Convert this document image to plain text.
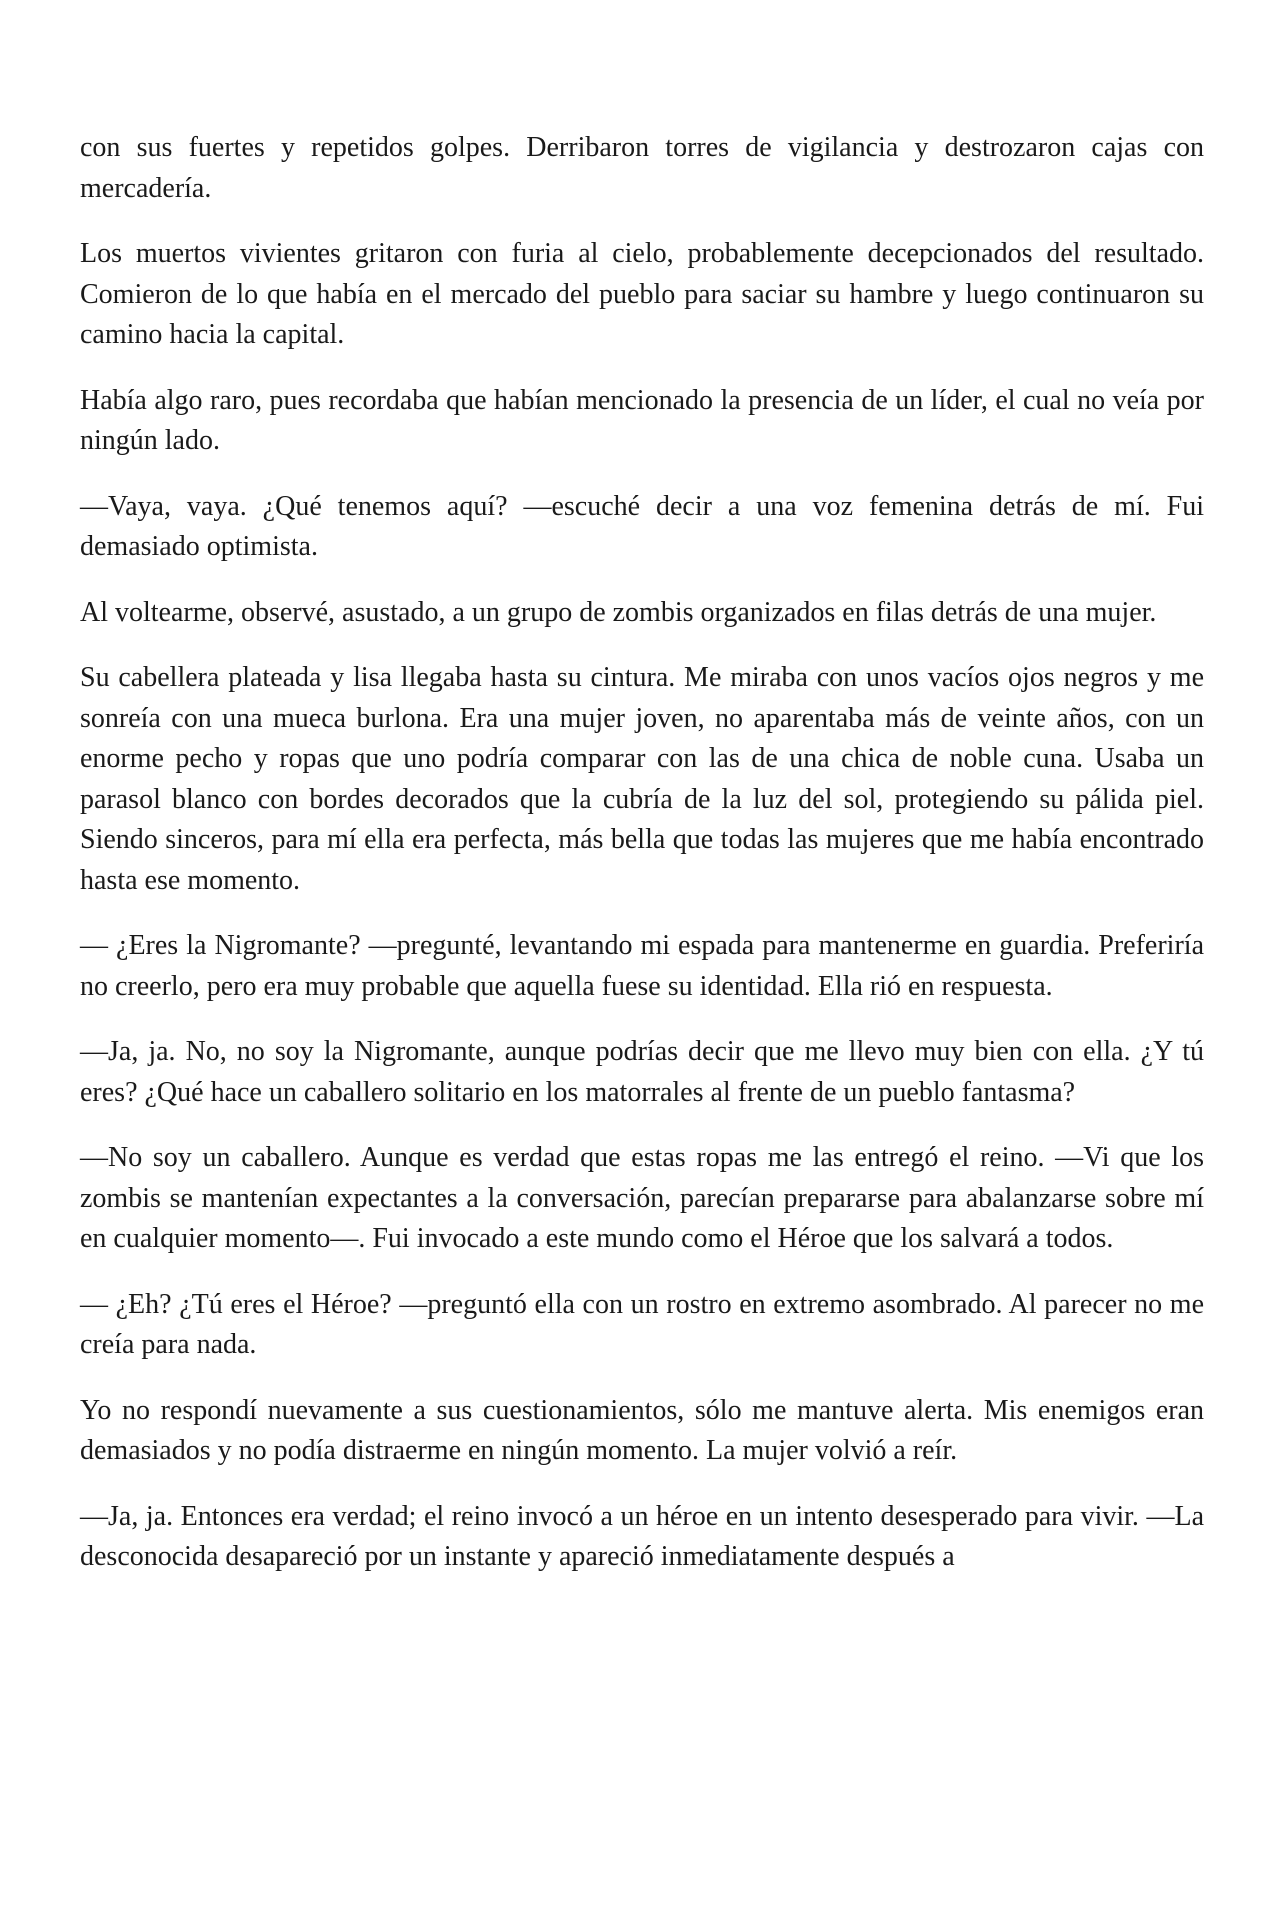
con sus fuertes y repetidos golpes. Derribaron torres de vigilancia y destrozaron cajas con mercadería.

Los muertos vivientes gritaron con furia al cielo, probablemente decepcionados del resultado. Comieron de lo que había en el mercado del pueblo para saciar su hambre y luego continuaron su camino hacia la capital.

Había algo raro, pues recordaba que habían mencionado la presencia de un líder, el cual no veía por ningún lado.

—Vaya, vaya. ¿Qué tenemos aquí? —escuché decir a una voz femenina detrás de mí. Fui demasiado optimista.

Al voltearme, observé, asustado, a un grupo de zombis organizados en filas detrás de una mujer.

Su cabellera plateada y lisa llegaba hasta su cintura. Me miraba con unos vacíos ojos negros y me sonreía con una mueca burlona. Era una mujer joven, no aparentaba más de veinte años, con un enorme pecho y ropas que uno podría comparar con las de una chica de noble cuna. Usaba un parasol blanco con bordes decorados que la cubría de la luz del sol, protegiendo su pálida piel. Siendo sinceros, para mí ella era perfecta, más bella que todas las mujeres que me había encontrado hasta ese momento.

— ¿Eres la Nigromante? —pregunté, levantando mi espada para mantenerme en guardia. Preferiría no creerlo, pero era muy probable que aquella fuese su identidad. Ella rió en respuesta.

—Ja, ja. No, no soy la Nigromante, aunque podrías decir que me llevo muy bien con ella. ¿Y tú eres? ¿Qué hace un caballero solitario en los matorrales al frente de un pueblo fantasma?

—No soy un caballero. Aunque es verdad que estas ropas me las entregó el reino. —Vi que los zombis se mantenían expectantes a la conversación, parecían prepararse para abalanzarse sobre mí en cualquier momento—. Fui invocado a este mundo como el Héroe que los salvará a todos.

— ¿Eh? ¿Tú eres el Héroe? —preguntó ella con un rostro en extremo asombrado. Al parecer no me creía para nada.

Yo no respondí nuevamente a sus cuestionamientos, sólo me mantuve alerta. Mis enemigos eran demasiados y no podía distraerme en ningún momento. La mujer volvió a reír.

—Ja, ja. Entonces era verdad; el reino invocó a un héroe en un intento desesperado para vivir. —La desconocida desapareció por un instante y apareció inmediatamente después a
